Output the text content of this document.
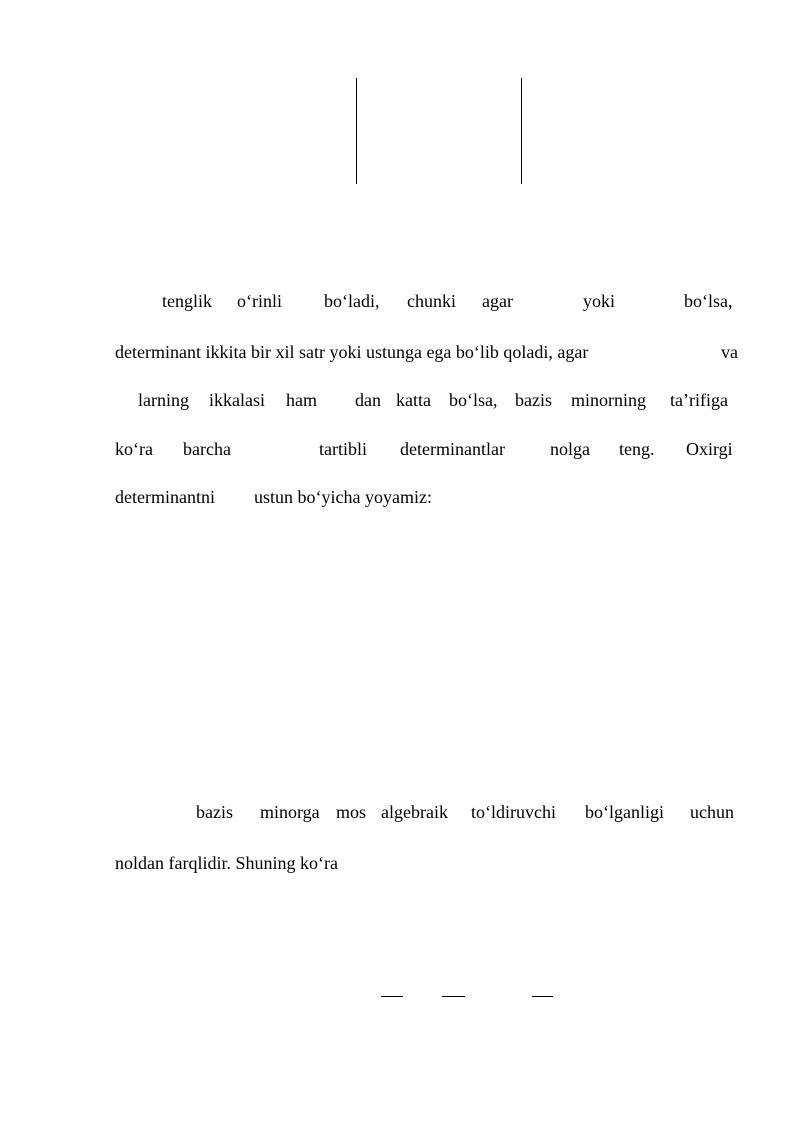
tenglik o‘rinli bo‘ladi, chunki agar	yoki	bo‘lsa,
determinant ikkita bir xil satr yoki ustunga ega bo‘lib qoladi, agar	va
larning ikkalasi ham dan katta bo‘lsa, bazis minorning ta’rifiga
ko‘ra barcha	tartibli determinantlar	nolga teng. Oxirgi
determinantni ustun bo‘yicha yoyamiz:
bazis minorga mos algebraik to‘ldiruvchi bo‘lganligi uchun
noldan farqlidir. Shuning ko‘ra
